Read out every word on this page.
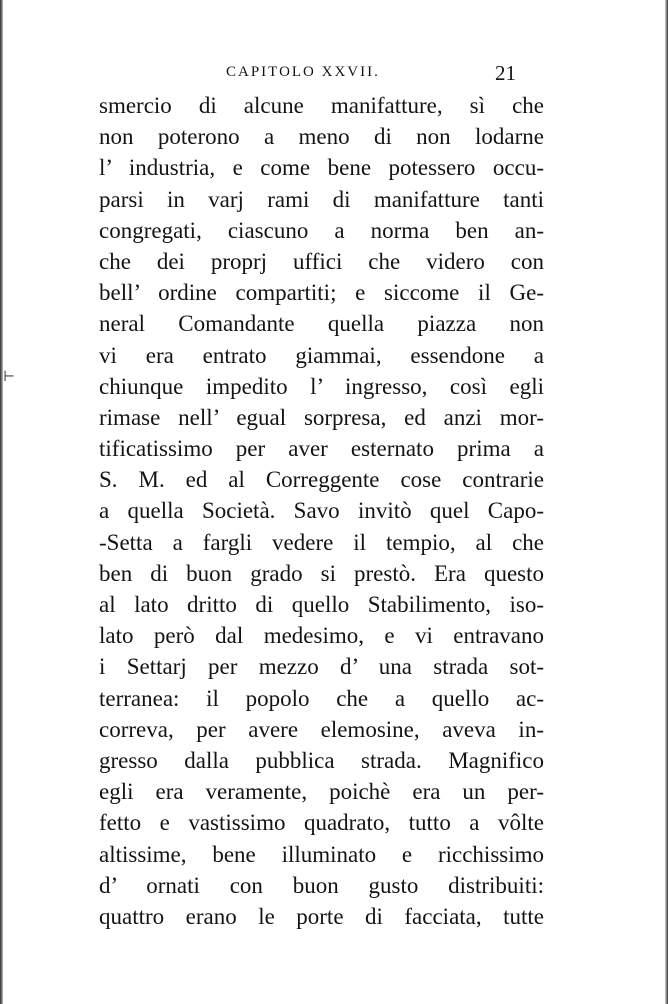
⊢
CAPITOLO XXVII.	21
smercio di alcune manifatture, sì che
non poterono a meno di non lodarne
l’ industria, e come bene potessero occu-
parsi in varj rami di manifatture tanti
congregati, ciascuno a norma ben an-
che dei proprj uffici che videro con
bell’ ordine compartiti; e siccome il Ge-
neral Comandante quella piazza non
vi era entrato giammai, essendone a
chiunque impedito l’ ingresso, così egli
rimase nell’ egual sorpresa, ed anzi mor-
tificatissimo per aver esternato prima a
S. M. ed al Correggente cose contrarie
a quella Società. Savo invitò quel Capo-
-Setta a fargli vedere il tempio, al che
ben di buon grado si prestò. Era questo
al lato dritto di quello Stabilimento, iso-
lato però dal medesimo, e vi entravano
i Settarj per mezzo d’ una strada sot-
terranea: il popolo che a quello ac-
correva, per avere elemosine, aveva in-
gresso dalla pubblica strada. Magnifico
egli era veramente, poichè era un per-
fetto e vastissimo quadrato, tutto a vôlte
altissime, bene illuminato e ricchissimo
d’ ornati con buon gusto distribuiti:
quattro erano le porte di facciata, tutte
